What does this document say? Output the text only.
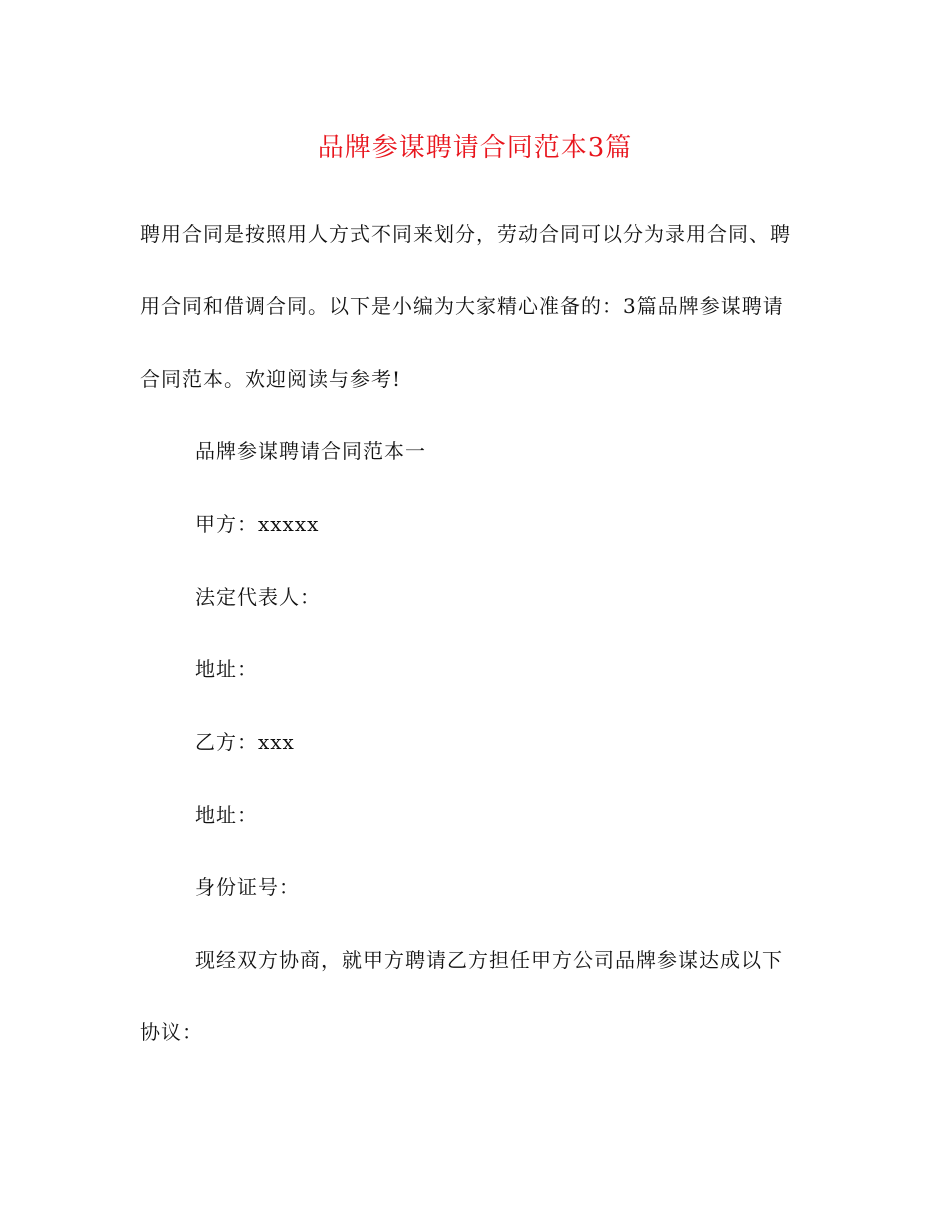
品牌参谋聘请合同范本3篇
聘用合同是按照用人方式不同来划分，劳动合同可以分为录用合同、聘
用合同和借调合同。以下是小编为大家精心准备的：3篇品牌参谋聘请
合同范本。欢迎阅读与参考!
品牌参谋聘请合同范本一
甲方：xxxxx
法定代表人：
地址：
乙方：xxx
地址：
身份证号：
现经双方协商，就甲方聘请乙方担任甲方公司品牌参谋达成以下
协议：
